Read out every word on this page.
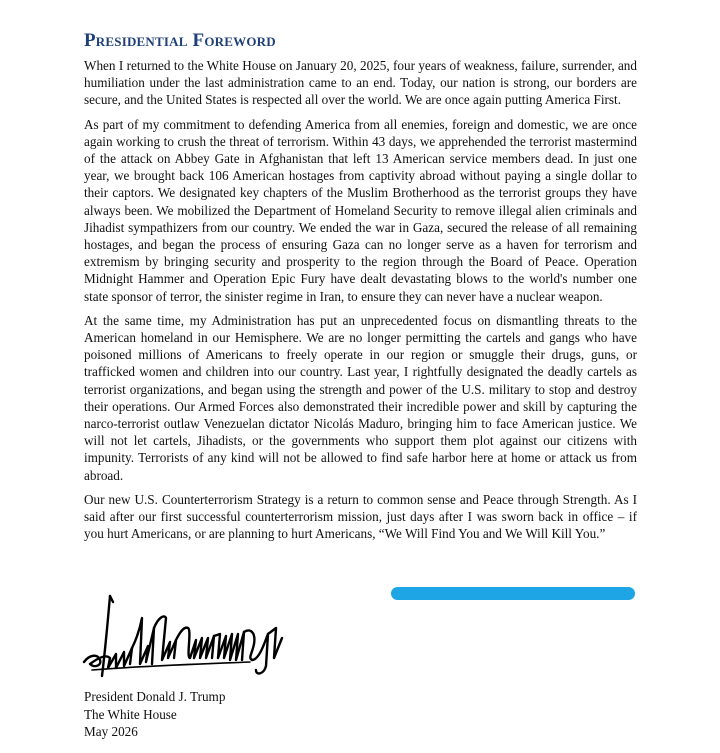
Presidential Foreword

When I returned to the White House on January 20, 2025, four years of weakness, failure, surrender, and humiliation under the last administration came to an end. Today, our nation is strong, our borders are secure, and the United States is respected all over the world. We are once again putting America First.

As part of my commitment to defending America from all enemies, foreign and domestic, we are once again working to crush the threat of terrorism. Within 43 days, we apprehended the terrorist mastermind of the attack on Abbey Gate in Afghanistan that left 13 American service members dead. In just one year, we brought back 106 American hostages from captivity abroad without paying a single dollar to their captors. We designated key chapters of the Muslim Brotherhood as the terrorist groups they have always been. We mobilized the Department of Homeland Security to remove illegal alien criminals and Jihadist sympathizers from our country. We ended the war in Gaza, secured the release of all remaining hostages, and began the process of ensuring Gaza can no longer serve as a haven for terrorism and extremism by bringing security and prosperity to the region through the Board of Peace. Operation Midnight Hammer and Operation Epic Fury have dealt devastating blows to the world's number one state sponsor of terror, the sinister regime in Iran, to ensure they can never have a nuclear weapon.

At the same time, my Administration has put an unprecedented focus on dismantling threats to the American homeland in our Hemisphere. We are no longer permitting the cartels and gangs who have poisoned millions of Americans to freely operate in our region or smuggle their drugs, guns, or trafficked women and children into our country. Last year, I rightfully designated the deadly cartels as terrorist organizations, and began using the strength and power of the U.S. military to stop and destroy their operations. Our Armed Forces also demonstrated their incredible power and skill by capturing the narco-terrorist outlaw Venezuelan dictator Nicolás Maduro, bringing him to face American justice. We will not let cartels, Jihadists, or the governments who support them plot against our citizens with impunity. Terrorists of any kind will not be allowed to find safe harbor here at home or attack us from abroad.

Our new U.S. Counterterrorism Strategy is a return to common sense and Peace through Strength. As I said after our first successful counterterrorism mission, just days after I was sworn back in office – if you hurt Americans, or are planning to hurt Americans, “We Will Find You and We Will Kill You.”

President Donald J. Trump

The White House

May 2026
